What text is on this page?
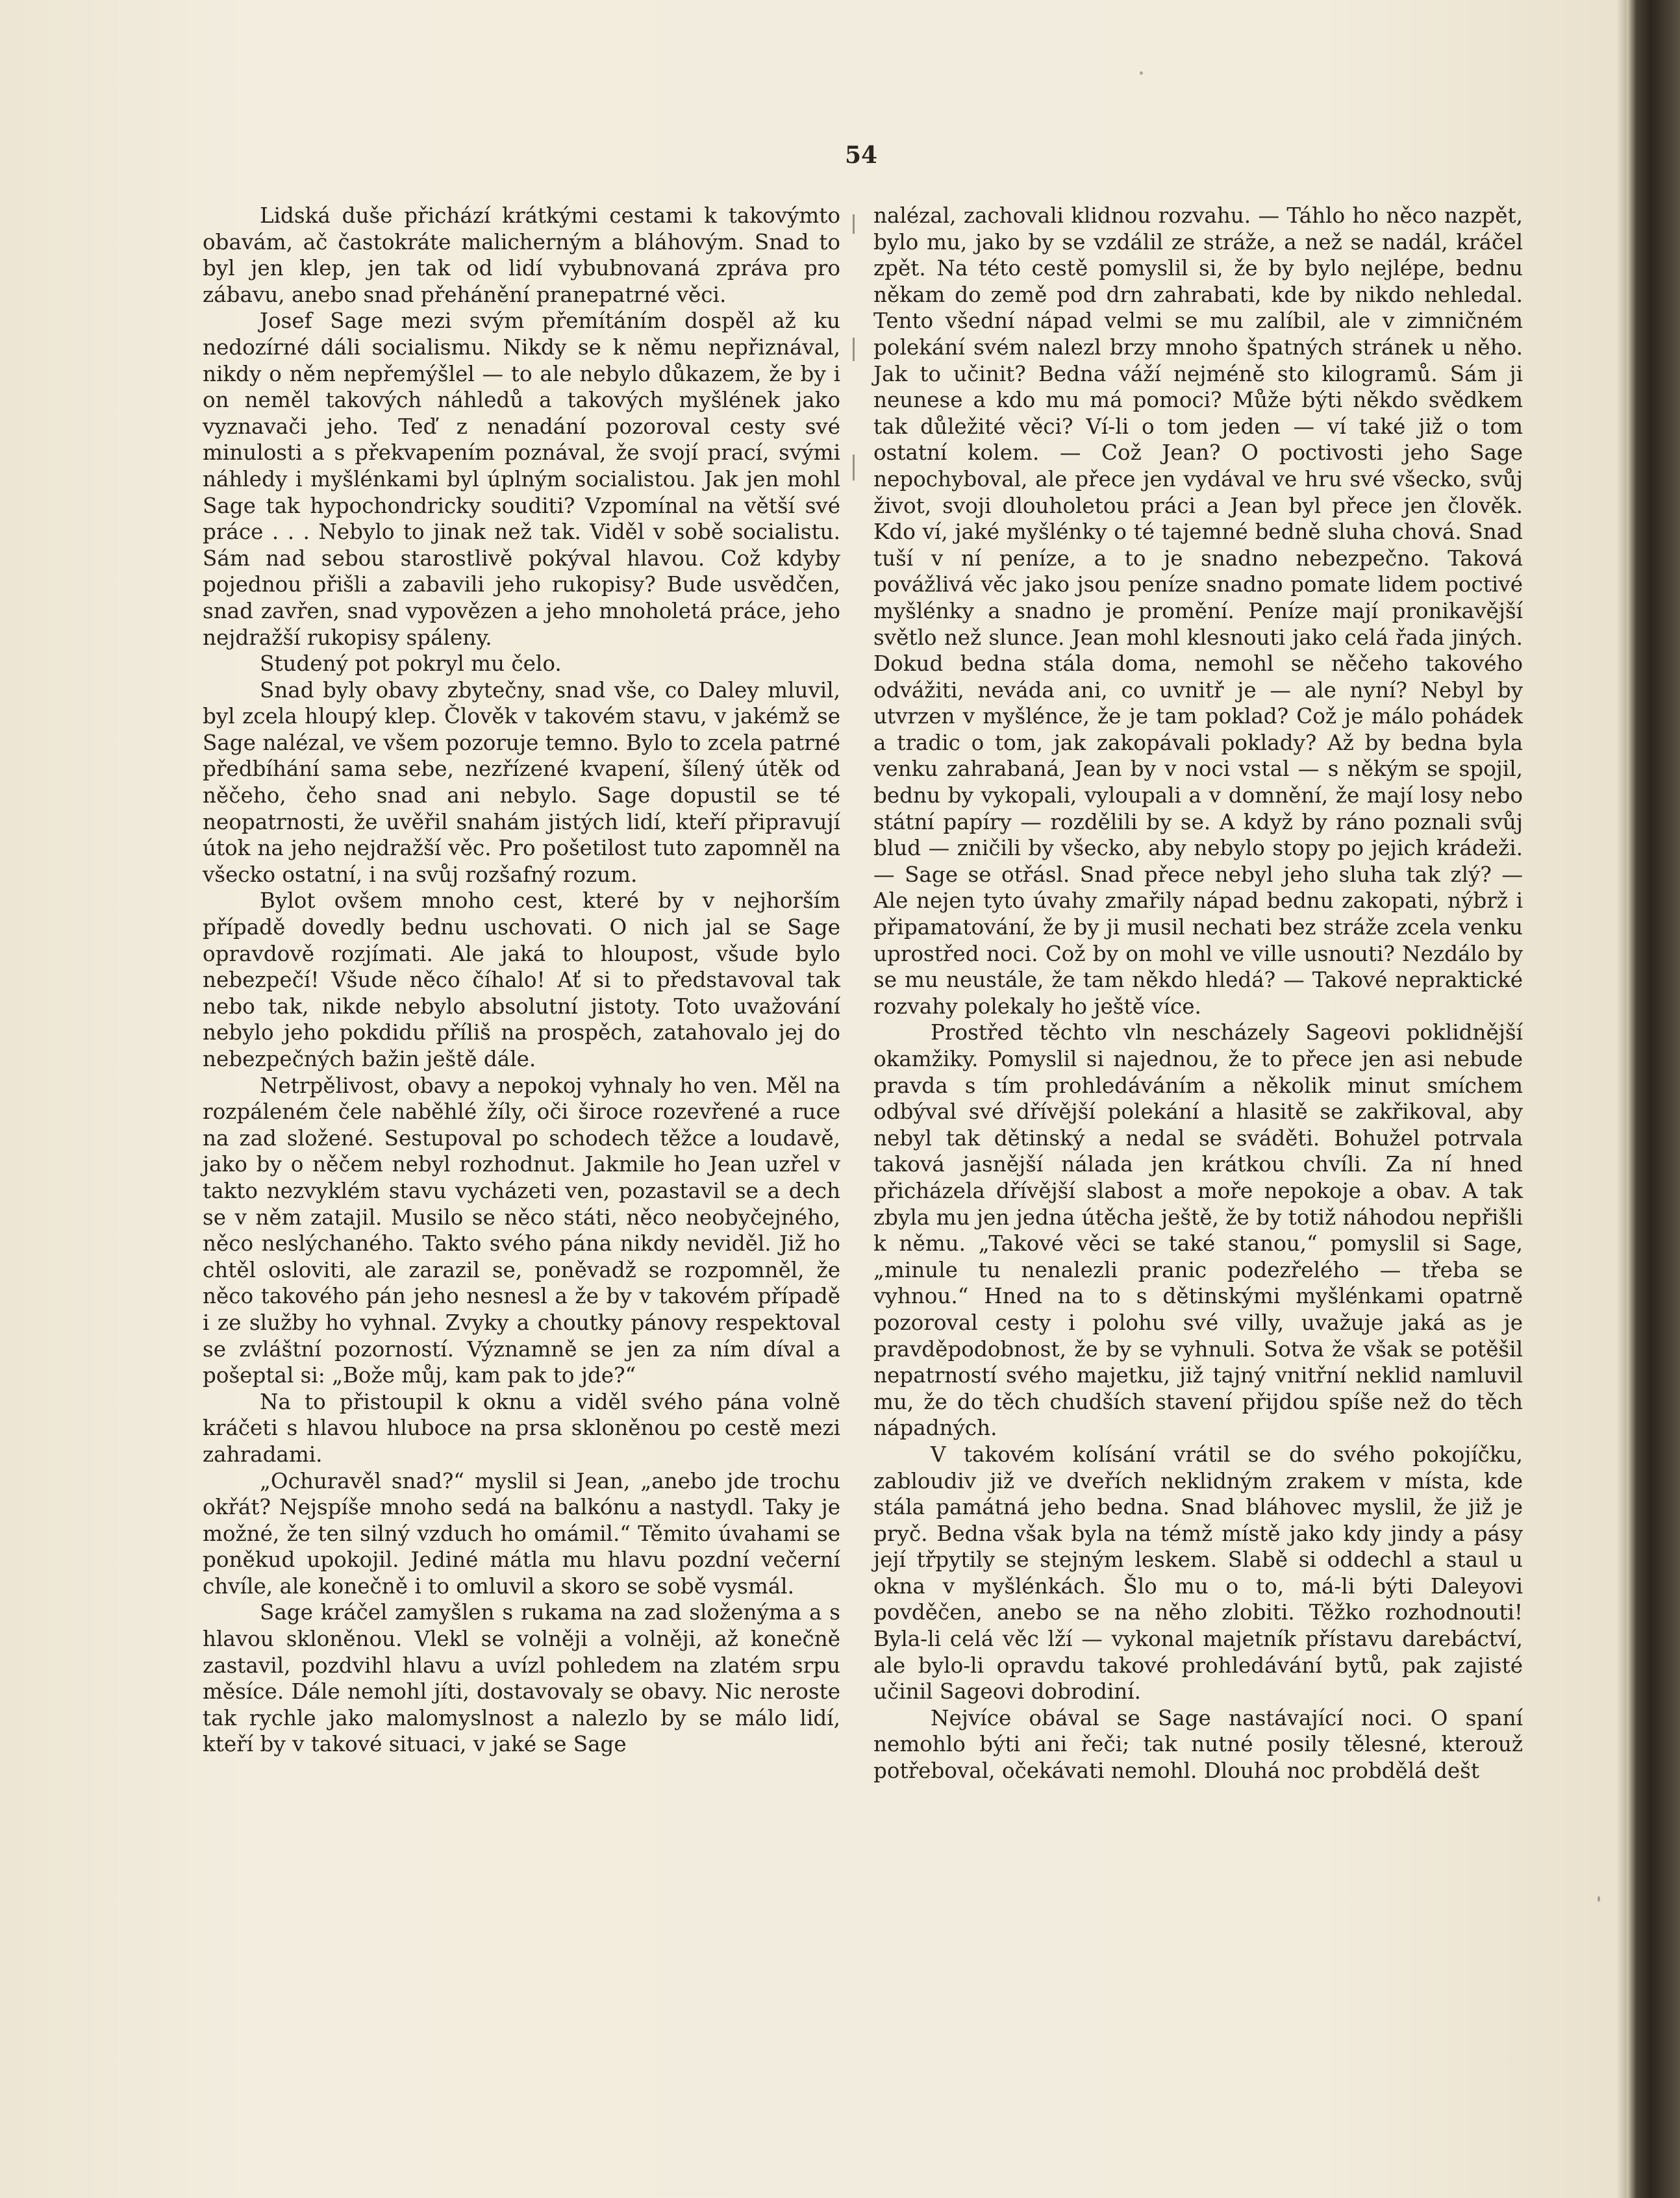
54

Lidská duše přichází krátkými cestami k takovýmto obavám, ač častokráte malicherným a bláhovým. Snad to byl jen klep, jen tak od lidí vybubnovaná zpráva pro zábavu, anebo snad přehánění pranepatrné věci.

Josef Sage mezi svým přemítáním dospěl až ku nedozírné dáli socialismu. Nikdy se k němu nepřiznával, nikdy o něm nepřemýšlel — to ale nebylo důkazem, že by i on neměl takových náhledů a takových myšlének jako vyznavači jeho. Teď z nenadání pozoroval cesty své minulosti a s překvapením poznával, že svojí prací, svými náhledy i myšlénkami byl úplným socialistou. Jak jen mohl Sage tak hypochondricky souditi? Vzpomínal na větší své práce . . . Nebylo to jinak než tak. Viděl v sobě socialistu. Sám nad sebou starostlivě pokýval hlavou. Což kdyby pojednou přišli a zabavili jeho rukopisy? Bude usvědčen, snad zavřen, snad vypovězen a jeho mnoholetá práce, jeho nejdražší rukopisy spáleny.

Studený pot pokryl mu čelo.

Snad byly obavy zbytečny, snad vše, co Daley mluvil, byl zcela hloupý klep. Člověk v takovém stavu, v jakémž se Sage nalézal, ve všem pozoruje temno. Bylo to zcela patrné předbíhání sama sebe, nezřízené kvapení, šílený útěk od něčeho, čeho snad ani nebylo. Sage dopustil se té neopatrnosti, že uvěřil snahám jistých lidí, kteří připravují útok na jeho nejdražší věc. Pro pošetilost tuto zapomněl na všecko ostatní, i na svůj rozšafný rozum.

Bylot ovšem mnoho cest, které by v nejhorším případě dovedly bednu uschovati. O nich jal se Sage opravdově rozjímati. Ale jaká to hloupost, všude bylo nebezpečí! Všude něco číhalo! Ať si to představoval tak nebo tak, nikde nebylo absolutní jistoty. Toto uvažování nebylo jeho pokdidu příliš na prospěch, zatahovalo jej do nebezpečných bažin ještě dále.

Netrpělivost, obavy a nepokoj vyhnaly ho ven. Měl na rozpáleném čele naběhlé žíly, oči široce rozevřené a ruce na zad složené. Sestupoval po schodech těžce a loudavě, jako by o něčem nebyl rozhodnut. Jakmile ho Jean uzřel v takto nezvyklém stavu vycházeti ven, pozastavil se a dech se v něm zatajil. Musilo se něco státi, něco neobyčejného, něco neslýchaného. Takto svého pána nikdy neviděl. Již ho chtěl osloviti, ale zarazil se, poněvadž se rozpomněl, že něco takového pán jeho nesnesl a že by v takovém případě i ze služby ho vyhnal. Zvyky a choutky pánovy respektoval se zvláštní pozorností. Významně se jen za ním díval a pošeptal si: „Bože můj, kam pak to jde?“

Na to přistoupil k oknu a viděl svého pána volně kráčeti s hlavou hluboce na prsa skloněnou po cestě mezi zahradami.

„Ochuravěl snad?“ myslil si Jean, „anebo jde trochu okřát? Nejspíše mnoho sedá na balkónu a nastydl. Taky je možné, že ten silný vzduch ho omámil.“ Těmito úvahami se poněkud upokojil. Jediné mátla mu hlavu pozdní večerní chvíle, ale konečně i to omluvil a skoro se sobě vysmál.

Sage kráčel zamyšlen s rukama na zad složenýma a s hlavou skloněnou. Vlekl se volněji a volněji, až konečně zastavil, pozdvihl hlavu a uvízl pohledem na zlatém srpu měsíce. Dále nemohl jíti, dostavovaly se obavy. Nic neroste tak rychle jako malomyslnost a nalezlo by se málo lidí, kteří by v takové situaci, v jaké se Sage

nalézal, zachovali klidnou rozvahu. — Táhlo ho něco nazpět, bylo mu, jako by se vzdálil ze stráže, a než se nadál, kráčel zpět. Na této cestě pomyslil si, že by bylo nejlépe, bednu někam do země pod drn zahrabati, kde by nikdo nehledal. Tento všední nápad velmi se mu zalíbil, ale v zimničném polekání svém nalezl brzy mnoho špatných stránek u něho. Jak to učinit? Bedna váží nejméně sto kilogramů. Sám ji neunese a kdo mu má pomoci? Může býti někdo svědkem tak důležité věci? Ví-li o tom jeden — ví také již o tom ostatní kolem. — Což Jean? O poctivosti jeho Sage nepochyboval, ale přece jen vydával ve hru své všecko, svůj život, svoji dlouholetou práci a Jean byl přece jen člověk. Kdo ví, jaké myšlénky o té tajemné bedně sluha chová. Snad tuší v ní peníze, a to je snadno nebezpečno. Taková povážlivá věc jako jsou peníze snadno pomate lidem poctivé myšlénky a snadno je promění. Peníze mají pronikavější světlo než slunce. Jean mohl klesnouti jako celá řada jiných. Dokud bedna stála doma, nemohl se něčeho takového odvážiti, neváda ani, co uvnitř je — ale nyní? Nebyl by utvrzen v myšlénce, že je tam poklad? Což je málo pohádek a tradic o tom, jak zakopávali poklady? Až by bedna byla venku zahrabaná, Jean by v noci vstal — s někým se spojil, bednu by vykopali, vyloupali a v domnění, že mají losy nebo státní papíry — rozdělili by se. A když by ráno poznali svůj blud — zničili by všecko, aby nebylo stopy po jejich krádeži. — Sage se otřásl. Snad přece nebyl jeho sluha tak zlý? — Ale nejen tyto úvahy zmařily nápad bednu zakopati, nýbrž i připamatování, že by ji musil nechati bez stráže zcela venku uprostřed noci. Což by on mohl ve ville usnouti? Nezdálo by se mu neustále, že tam někdo hledá? — Takové nepraktické rozvahy polekaly ho ještě více.

Prostřed těchto vln nescházely Sageovi poklidnější okamžiky. Pomyslil si najednou, že to přece jen asi nebude pravda s tím prohledáváním a několik minut smíchem odbýval své dřívější polekání a hlasitě se zakřikoval, aby nebyl tak dětinský a nedal se sváděti. Bohužel potrvala taková jasnější nálada jen krátkou chvíli. Za ní hned přicházela dřívější slabost a moře nepokoje a obav. A tak zbyla mu jen jedna útěcha ještě, že by totiž náhodou nepřišli k němu. „Takové věci se také stanou,“ pomyslil si Sage, „minule tu nenalezli pranic podezřelého — třeba se vyhnou.“ Hned na to s dětinskými myšlénkami opatrně pozoroval cesty i polohu své villy, uvažuje jaká as je pravděpodobnost, že by se vyhnuli. Sotva že však se potěšil nepatrností svého majetku, již tajný vnitřní neklid namluvil mu, že do těch chudších stavení přijdou spíše než do těch nápadných.

V takovém kolísání vrátil se do svého pokojíčku, zabloudiv již ve dveřích neklidným zrakem v místa, kde stála památná jeho bedna. Snad bláhovec myslil, že již je pryč. Bedna však byla na témž místě jako kdy jindy a pásy její třpytily se stejným leskem. Slabě si oddechl a staul u okna v myšlénkách. Šlo mu o to, má-li býti Daleyovi povděčen, anebo se na něho zlobiti. Těžko rozhodnouti! Byla-li celá věc lží — vykonal majetník přístavu darebáctví, ale bylo-li opravdu takové prohledávání bytů, pak zajisté učinil Sageovi dobrodiní.

Nejvíce obával se Sage nastávající noci. O spaní nemohlo býti ani řeči; tak nutné posily tělesné, kterouž potřeboval, očekávati nemohl. Dlouhá noc probdělá dešt
